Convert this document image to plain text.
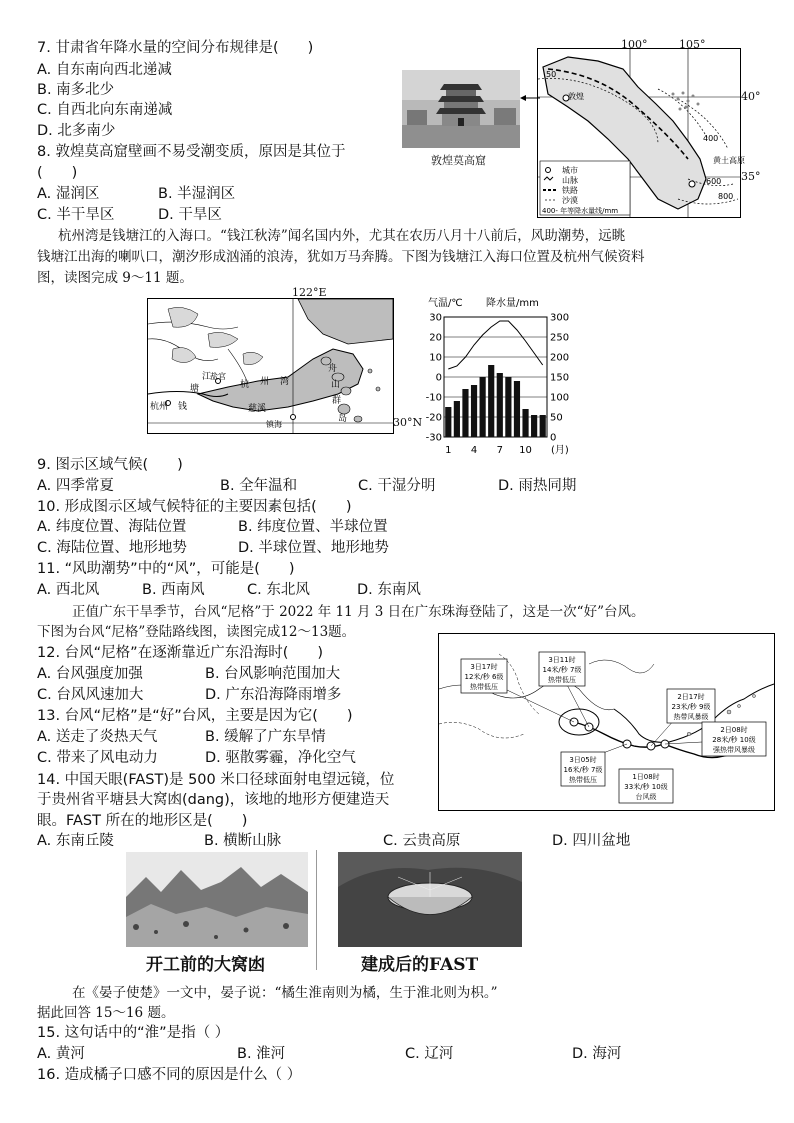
7. 甘肃省年降水量的空间分布规律是(　　)
A. 自东南向西北递减
B. 南多北少
C. 自西北向东南递减
D. 北多南少
8. 敦煌莫高窟壁画不易受潮变质，原因是其位于
(　　)
A. 湿润区	B. 半湿润区
C. 半干旱区	D. 干旱区
敦煌莫高窟
50
400
600
800
敦煌
黄土高原
城市
山脉
铁路
沙漠
400- 年等降水量线/mm
100°	105°
40°
35°
杭州湾是钱塘江的入海口。“钱江秋涛”闻名国内外，尤其在农历八月十八前后，风助潮势，远眺
钱塘江出海的喇叭口，潮汐形成汹涌的浪涛，犹如万马奔腾。下图为钱塘江入海口位置及杭州气候资料
图，读图完成 9～11 题。
122°E
杭州 钱
塘
江
盐官
杭 州 湾
慈溪
镇海
舟
山
群
岛	30°N
气温/℃ 降水量/mm
30
20
10
0
-10
-20
-30
300
250
200
150
100
50
0
1 4 7 10 (月)
9. 图示区域气候(　　)
A. 四季常夏	B. 全年温和	C. 干湿分明	D. 雨热同期
10. 形成图示区域气候特征的主要因素包括(　　)
A. 纬度位置、海陆位置	B. 纬度位置、半球位置
C. 海陆位置、地形地势	D. 半球位置、地形地势
11. “风助潮势”中的“风”，可能是(　　)
A. 西北风	B. 西南风	C. 东北风	D. 东南风
正值广东干旱季节，台风“尼格”于 2022 年 11 月 3 日在广东珠海登陆了，这是一次“好”台风。
下图为台风“尼格”登陆路线图，读图完成12～13题。
12. 台风“尼格”在逐渐靠近广东沿海时(　　)
A. 台风强度加强	B. 台风影响范围加大
C. 台风风速加大	D. 广东沿海降雨增多
13. 台风“尼格”是“好”台风，主要是因为它(　　)
A. 送走了炎热天气	B. 缓解了广东旱情
C. 带来了风电动力	D. 驱散雾霾，净化空气
3日17时
12米/秒 6级
热带低压
3日11时
14米/秒 7级
热带低压
2日17时
23米/秒 9级
热带风暴级
2日08时
28米/秒 10级
强热带风暴级
3日05时
16米/秒 7级
热带低压	1日08时
33米/秒 10级
台风级
14. 中国天眼(FAST)是 500 米口径球面射电望远镜，位
于贵州省平塘县大窝凼(dang)，该地的地形方便建造天
眼。FAST 所在的地形区是(　　)
A. 东南丘陵	B. 横断山脉	C. 云贵高原	D. 四川盆地
开工前的大窝凼	建成后的FAST
在《晏子使楚》一文中，晏子说：“橘生淮南则为橘，生于淮北则为枳。”
据此回答 15～16 题。
15. 这句话中的“淮”是指（ ）
A. 黄河	B. 淮河	C. 辽河	D. 海河
16. 造成橘子口感不同的原因是什么（ ）
